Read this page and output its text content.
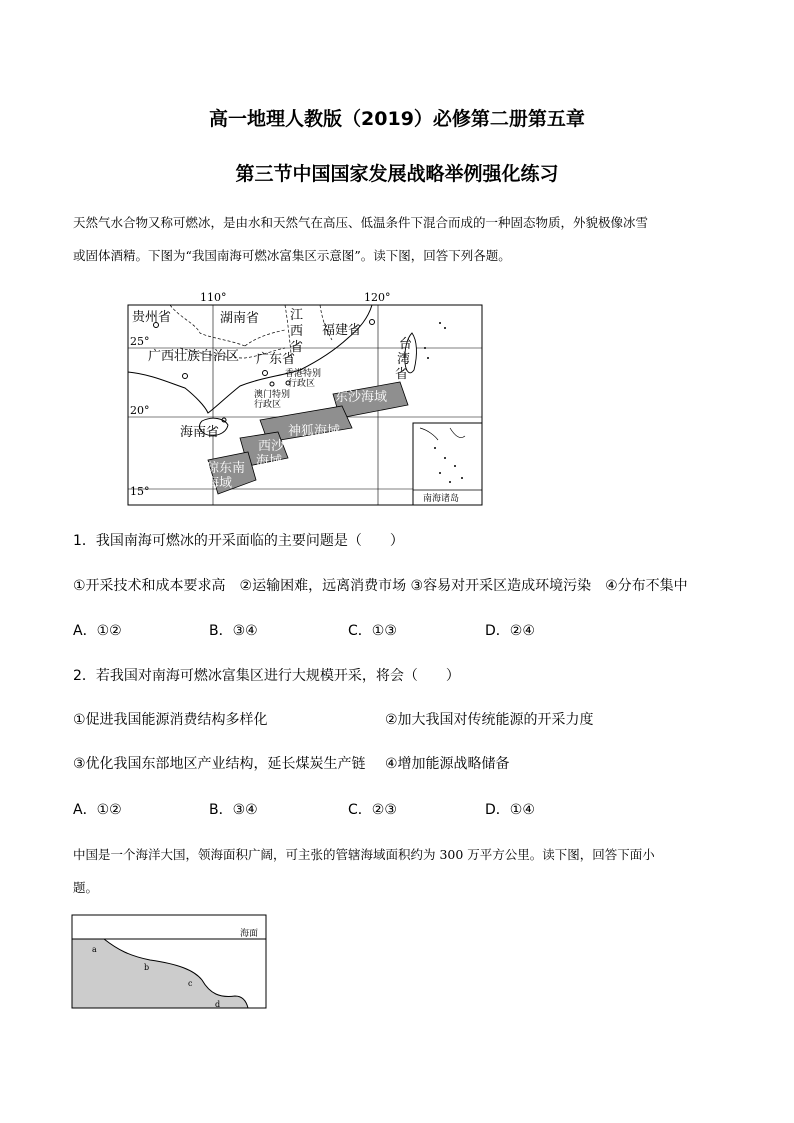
高一地理人教版（2019）必修第二册第五章
第三节中国国家发展战略举例强化练习
天然气水合物又称可燃冰，是由水和天然气在高压、低温条件下混合而成的一种固态物质，外貌极像冰雪
或固体酒精。下图为“我国南海可燃冰富集区示意图”。读下图，回答下列各题。
110°	120°
25°
20°
15°
贵州省	湖南省 江
西
省
福建省
广西壮族自治区 广东省
台
湾
省
香港特别
行政区
澳门特别
行政区
海南省
东沙海域
神狐海域
西沙
海域
琼东南
海域
南海诸岛
1．我国南海可燃冰的开采面临的主要问题是（　　）
①开采技术和成本要求高　②运输困难，远离消费市场 ③容易对开采区造成环境污染　④分布不集中
A．①②	B．③④	C．①③	D．②④
2．若我国对南海可燃冰富集区进行大规模开采，将会（　　）
①促进我国能源消费结构多样化	②加大我国对传统能源的开采力度
③优化我国东部地区产业结构，延长煤炭生产链 ④增加能源战略储备
A．①②	B．③④	C．②③	D．①④
中国是一个海洋大国，领海面积广阔，可主张的管辖海域面积约为 300 万平方公里。读下图，回答下面小
题。
海面
a
b
c
d
